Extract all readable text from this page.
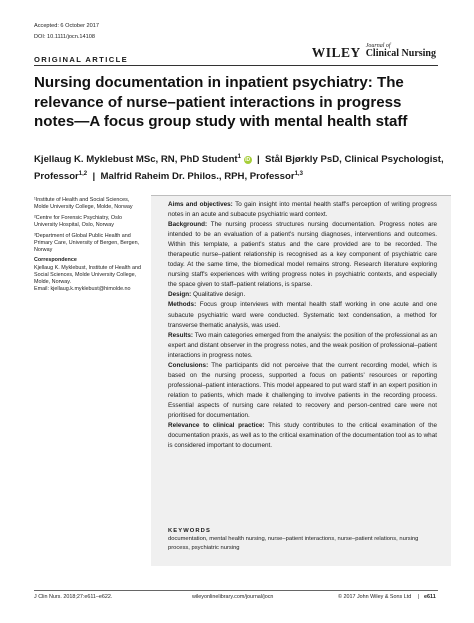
Accepted: 6 October 2017
DOI: 10.1111/jocn.14108
ORIGINAL ARTICLE	WILEY Journal of
Clinical Nursing
Nursing documentation in inpatient psychiatry: The relevance of nurse–patient interactions in progress notes—A focus group study with mental health staff
Kjellaug K. Myklebust MSc, RN, PhD Student$^1$ iD | Stål Bjørkly PsD, Clinical Psychologist, Professor$^{1,2}$ | Malfrid Raheim Dr. Philos., RPH, Professor$^{1,3}$

¹Institute of Health and Social Sciences, Molde University College, Molde, Norway

²Centre for Forensic Psychiatry, Oslo University Hospital, Oslo, Norway

³Department of Global Public Health and Primary Care, University of Bergen, Bergen, Norway

Correspondence

Kjellaug K. Myklebust, Institute of Health and Social Sciences, Molde University College, Molde, Norway.

Email: kjellaug.k.myklebust@himolde.no

Aims and objectives: To gain insight into mental health staff's perception of writing progress notes in an acute and subacute psychiatric ward context.

Background: The nursing process structures nursing documentation. Progress notes are intended to be an evaluation of a patient's nursing diagnoses, interventions and outcomes. Within this template, a patient's status and the care provided are to be recorded. The therapeutic nurse–patient relationship is recognised as a key component of psychiatric care today. At the same time, the biomedical model remains strong. Research literature exploring nursing staff's experiences with writing progress notes in psychiatric contexts, and especially the space given to staff–patient relations, is sparse.

Design: Qualitative design.

Methods: Focus group interviews with mental health staff working in one acute and one subacute psychiatric ward were conducted. Systematic text condensation, a method for transverse thematic analysis, was used.

Results: Two main categories emerged from the analysis: the position of the professional as an expert and distant observer in the progress notes, and the weak position of professional–patient interactions in progress notes.

Conclusions: The participants did not perceive that the current recording model, which is based on the nursing process, supported a focus on patients' resources or reporting professional–patient interactions. This model appeared to put ward staff in an expert position in relation to patients, which made it challenging to involve patients in the recording process. Essential aspects of nursing care related to recovery and person-centred care were not prioritised for documentation.

Relevance to clinical practice: This study contributes to the critical examination of the documentation praxis, as well as to the critical examination of the documentation tool as to what is considered important to document.

KEYWORDS
documentation, mental health nursing, nurse–patient interactions, nurse–patient relations, nursing process, psychiatric nursing
J Clin Nurs. 2018;27:e611–e622.	wileyonlinelibrary.com/journal/jocn	© 2017 John Wiley & Sons Ltd | e611
